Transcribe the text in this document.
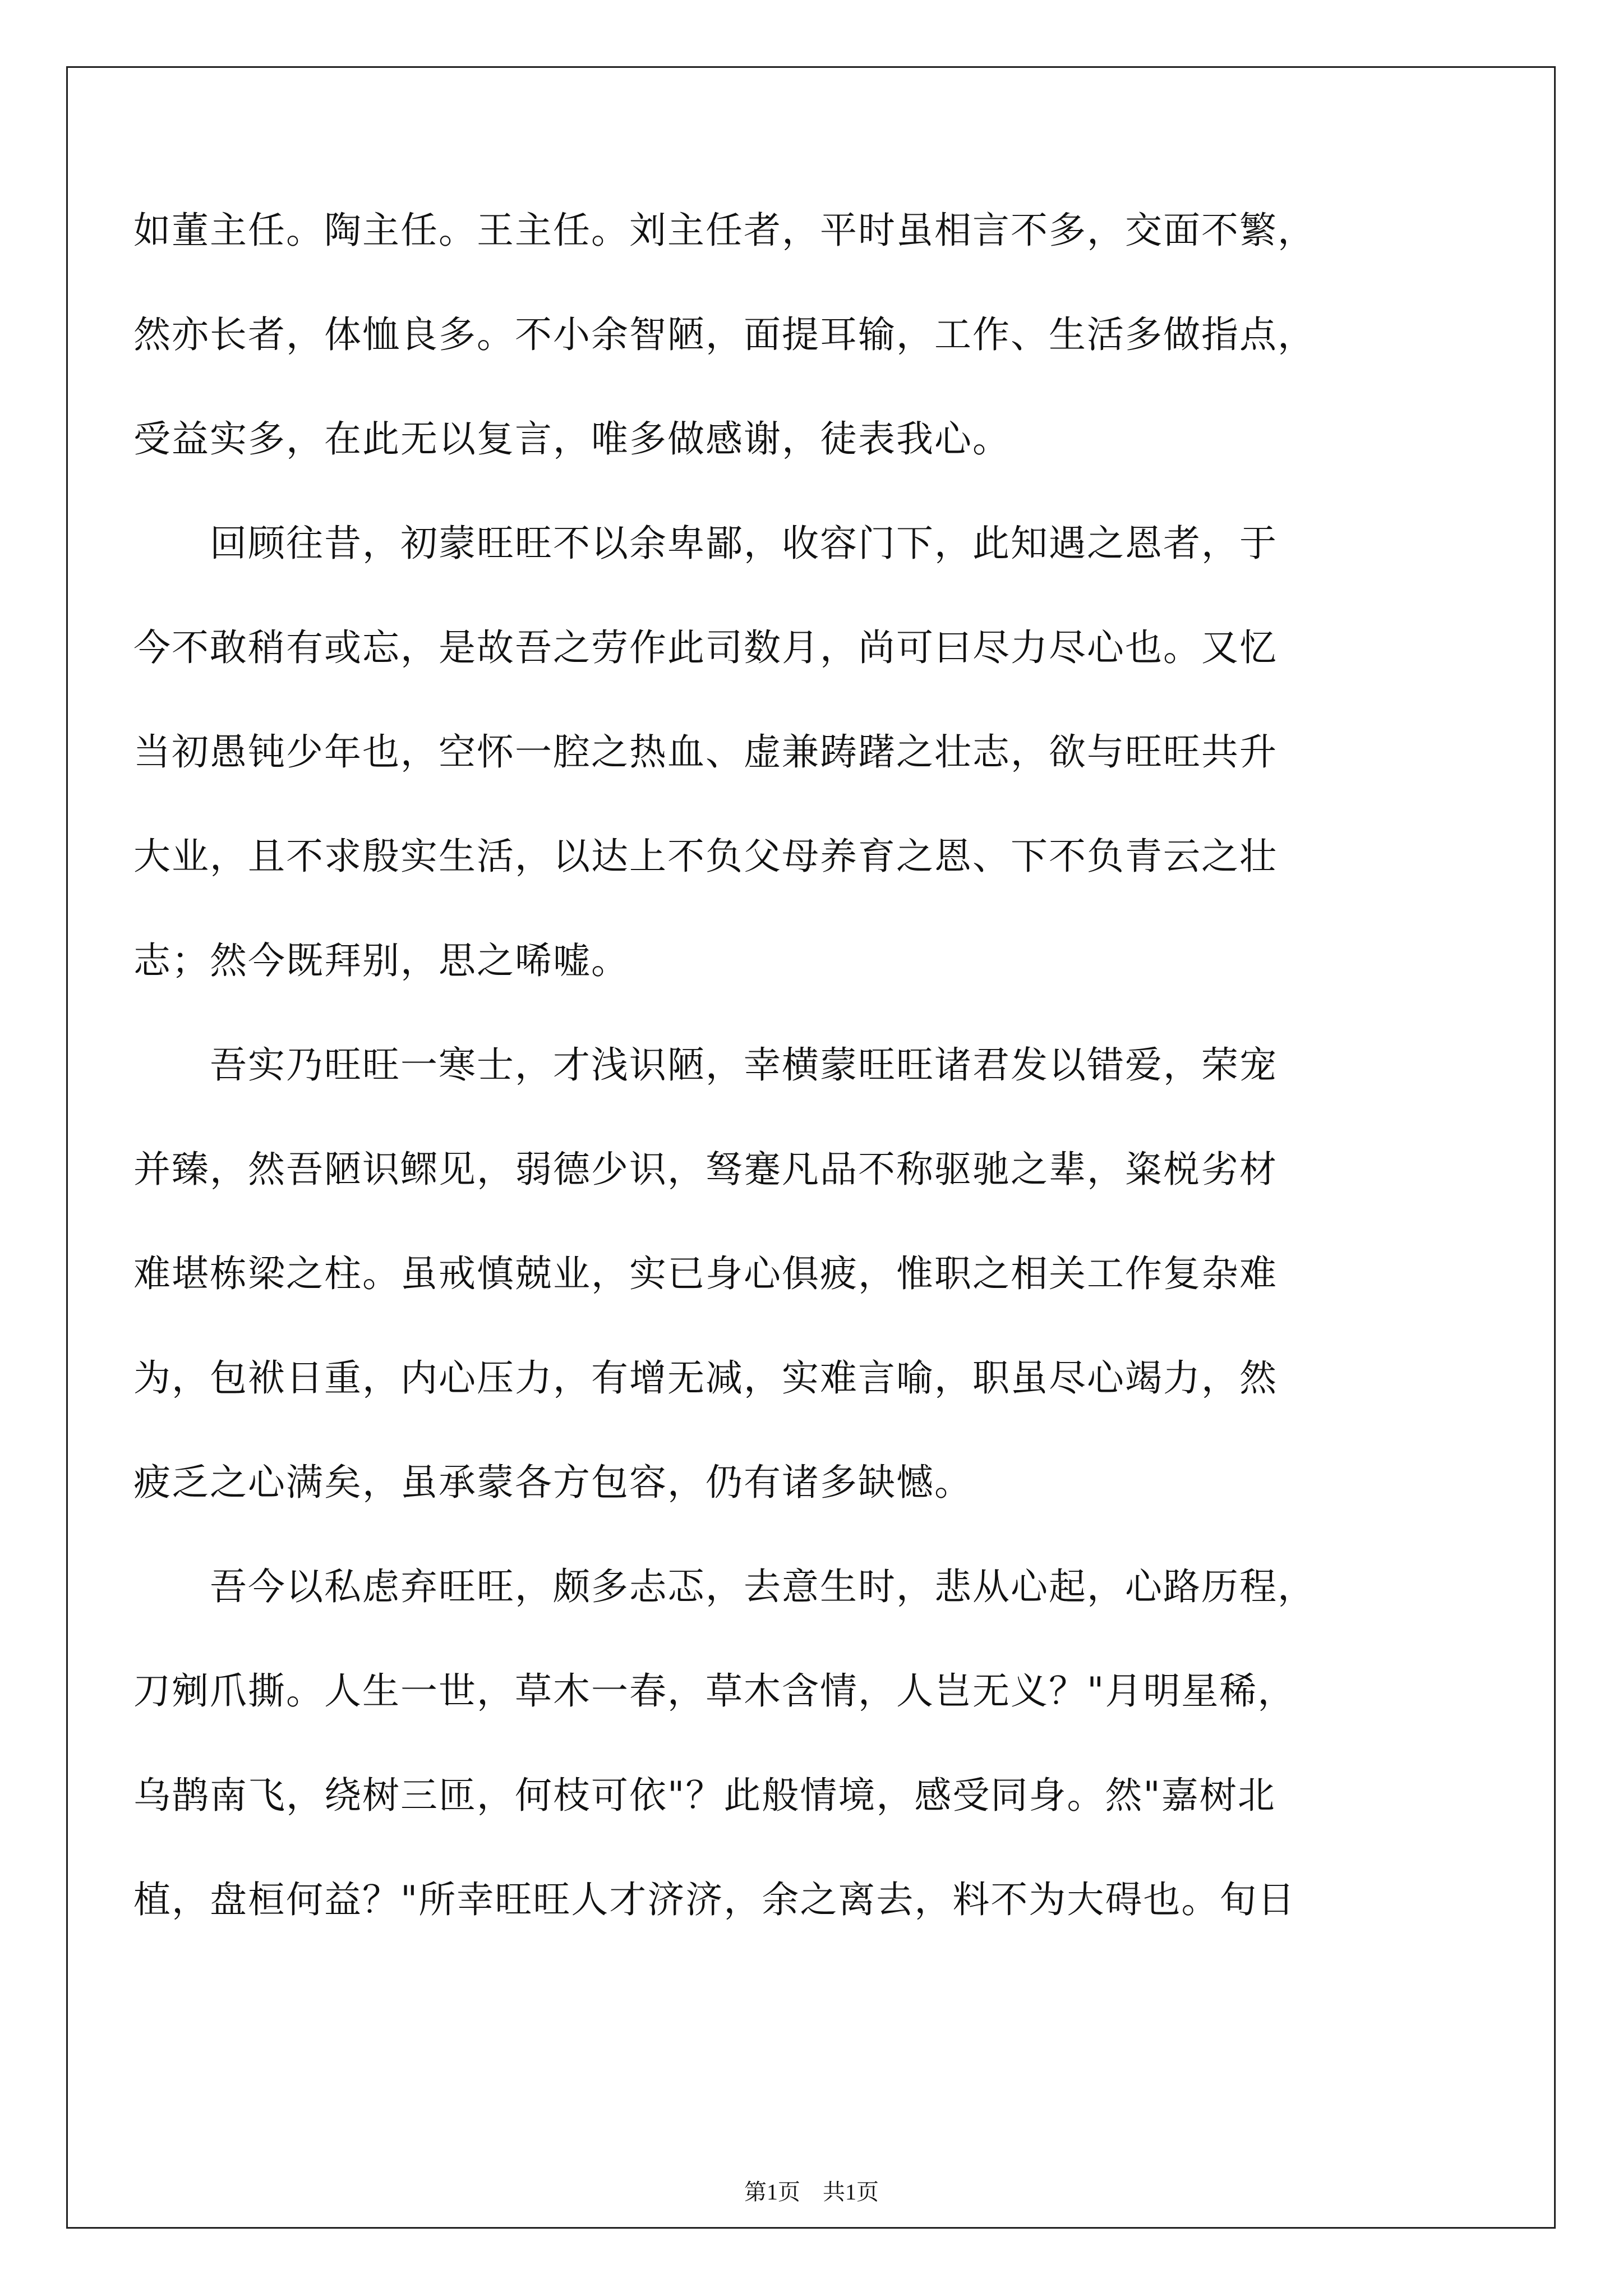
如董主任。陶主任。王主任。刘主任者，平时虽相言不多，交面不繁，
然亦长者，体恤良多。不小余智陋，面提耳输，工作、生活多做指点，
受益实多，在此无以复言，唯多做感谢，徒表我心。
　　回顾往昔，初蒙旺旺不以余卑鄙，收容门下，此知遇之恩者，于
今不敢稍有或忘，是故吾之劳作此司数月，尚可曰尽力尽心也。又忆
当初愚钝少年也，空怀一腔之热血、虚兼踌躇之壮志，欲与旺旺共升
大业，且不求殷实生活，以达上不负父母养育之恩、下不负青云之壮
志；然今既拜别，思之唏嘘。
　　吾实乃旺旺一寒士，才浅识陋，幸横蒙旺旺诸君发以错爱，荣宠
并臻，然吾陋识鳏见，弱德少识，驽蹇凡品不称驱驰之辈，粢棁劣材
难堪栋梁之柱。虽戒慎兢业，实已身心俱疲，惟职之相关工作复杂难
为，包袱日重，内心压力，有增无减，实难言喻，职虽尽心竭力，然
疲乏之心满矣，虽承蒙各方包容，仍有诸多缺憾。
　　吾今以私虑弃旺旺，颇多忐忑，去意生时，悲从心起，心路历程，
刀剜爪撕。人生一世，草木一春，草木含情，人岂无义？"月明星稀，
乌鹊南飞，绕树三匝，何枝可依"？此般情境，感受同身。然"嘉树北
植，盘桓何益？"所幸旺旺人才济济，余之离去，料不为大碍也。旬日
第1页　共1页
